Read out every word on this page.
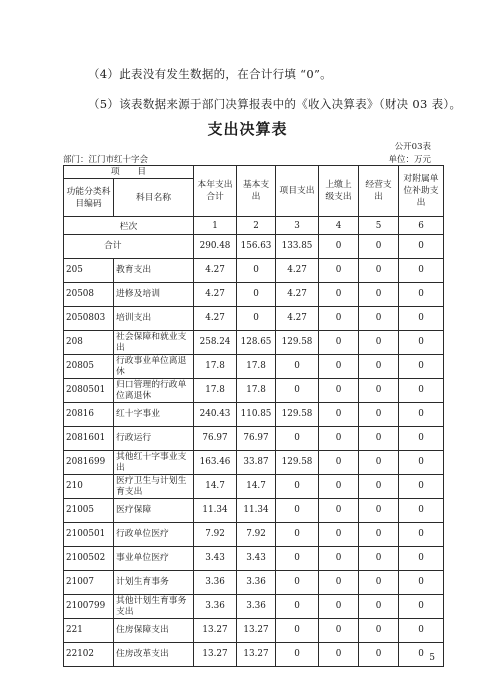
（4）此表没有发生数据的，在合计行填 “0”。
（5）该表数据来源于部门决算报表中的《收入决算表》（财决 03 表）。
支出决算表
公开03表
部门：江门市红十字会	单位：万元
项　　目		本年支出合计	基本支出	项目支出	上缴上级支出	经营支出	对附属单位补助支出
功能分类科目编码	科目名称						
栏次		1	2	3	4	5	6
合计		290.48	156.63	133.85	0	0	0
205	教育支出	4.27	0	4.27	0	0	0
20508	进修及培训	4.27	0	4.27	0	0	0
2050803	培训支出	4.27	0	4.27	0	0	0
208	社会保障和就业支出	258.24	128.65	129.58	0	0	0
20805	行政事业单位离退休	17.8	17.8	0	0	0	0
2080501	归口管理的行政单位离退休	17.8	17.8	0	0	0	0
20816	红十字事业	240.43	110.85	129.58	0	0	0
2081601	行政运行	76.97	76.97	0	0	0	0
2081699	其他红十字事业支出	163.46	33.87	129.58	0	0	0
210	医疗卫生与计划生育支出	14.7	14.7	0	0	0	0
21005	医疗保障	11.34	11.34	0	0	0	0
2100501	行政单位医疗	7.92	7.92	0	0	0	0
2100502	事业单位医疗	3.43	3.43	0	0	0	0
21007	计划生育事务	3.36	3.36	0	0	0	0
2100799	其他计划生育事务支出	3.36	3.36	0	0	0	0
221	住房保障支出	13.27	13.27	0	0	0	0
22102	住房改革支出	13.27	13.27	0	0	0	0 5
